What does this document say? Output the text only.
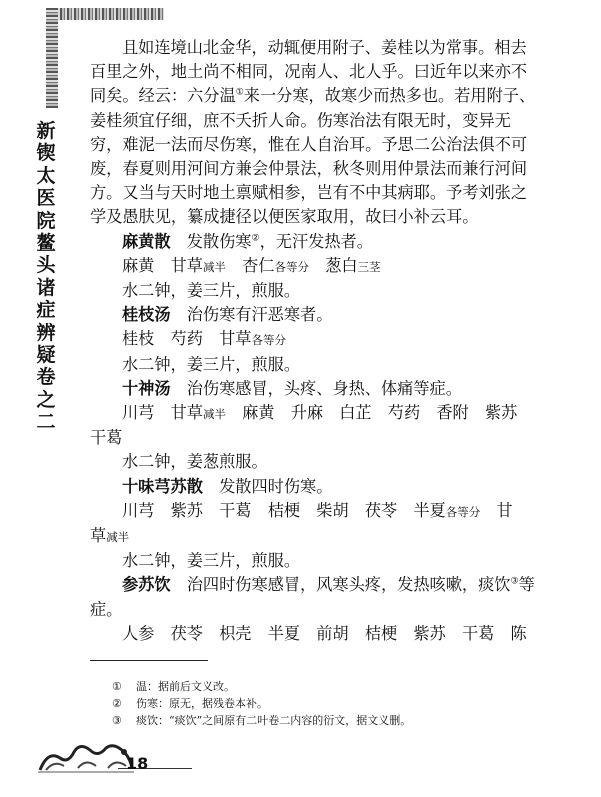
新锲太医院鳌头诸症辨疑卷之二

且如连境山北金华，动辄便用附子、姜桂以为常事。相去百里之外，地土尚不相同，况南人、北人乎。曰近年以来亦不同矣。经云：六分温①来一分寒，故寒少而热多也。若用附子、姜桂须宜仔细，庶不夭折人命。伤寒治法有限无时，变异无穷，难泥一法而尽伤寒，惟在人自治耳。予思二公治法俱不可废，春夏则用河间方兼会仲景法，秋冬则用仲景法而兼行河间方。又当与天时地土禀赋相参，岂有不中其病耶。予考刘张之学及愚肤见，纂成捷径以便医家取用，故曰小补云耳。

麻黄散　 发散伤寒②，无汗发热者。

麻黄　 甘草减半　 杏仁各等分　 葱白三茎

水二钟，姜三片，煎服。

桂枝汤　 治伤寒有汗恶寒者。

桂枝　 芍药　 甘草各等分

水二钟，姜三片，煎服。

十神汤　 治伤寒感冒，头疼、身热、体痛等症。

川芎　 甘草减半　 麻黄　 升麻　 白芷　 芍药　 香附　 紫苏

干葛

水二钟，姜葱煎服。

十味芎苏散　 发散四时伤寒。

川芎　 紫苏　 干葛　 桔梗　 柴胡　 茯苓　 半夏各等分　 甘

草减半

水二钟，姜三片，煎服。

参苏饮　 治四时伤寒感冒，风寒头疼，发热咳嗽，痰饮③等症。

人参　 茯苓　 枳壳　 半夏　 前胡　 桔梗　 紫苏　 干葛　 陈

①	温：据前后文义改。
②	伤寒：原无，据残卷本补。
③	痰饮：“痰饮”之间原有二叶卷二内容的衍文，据文义删。
18
